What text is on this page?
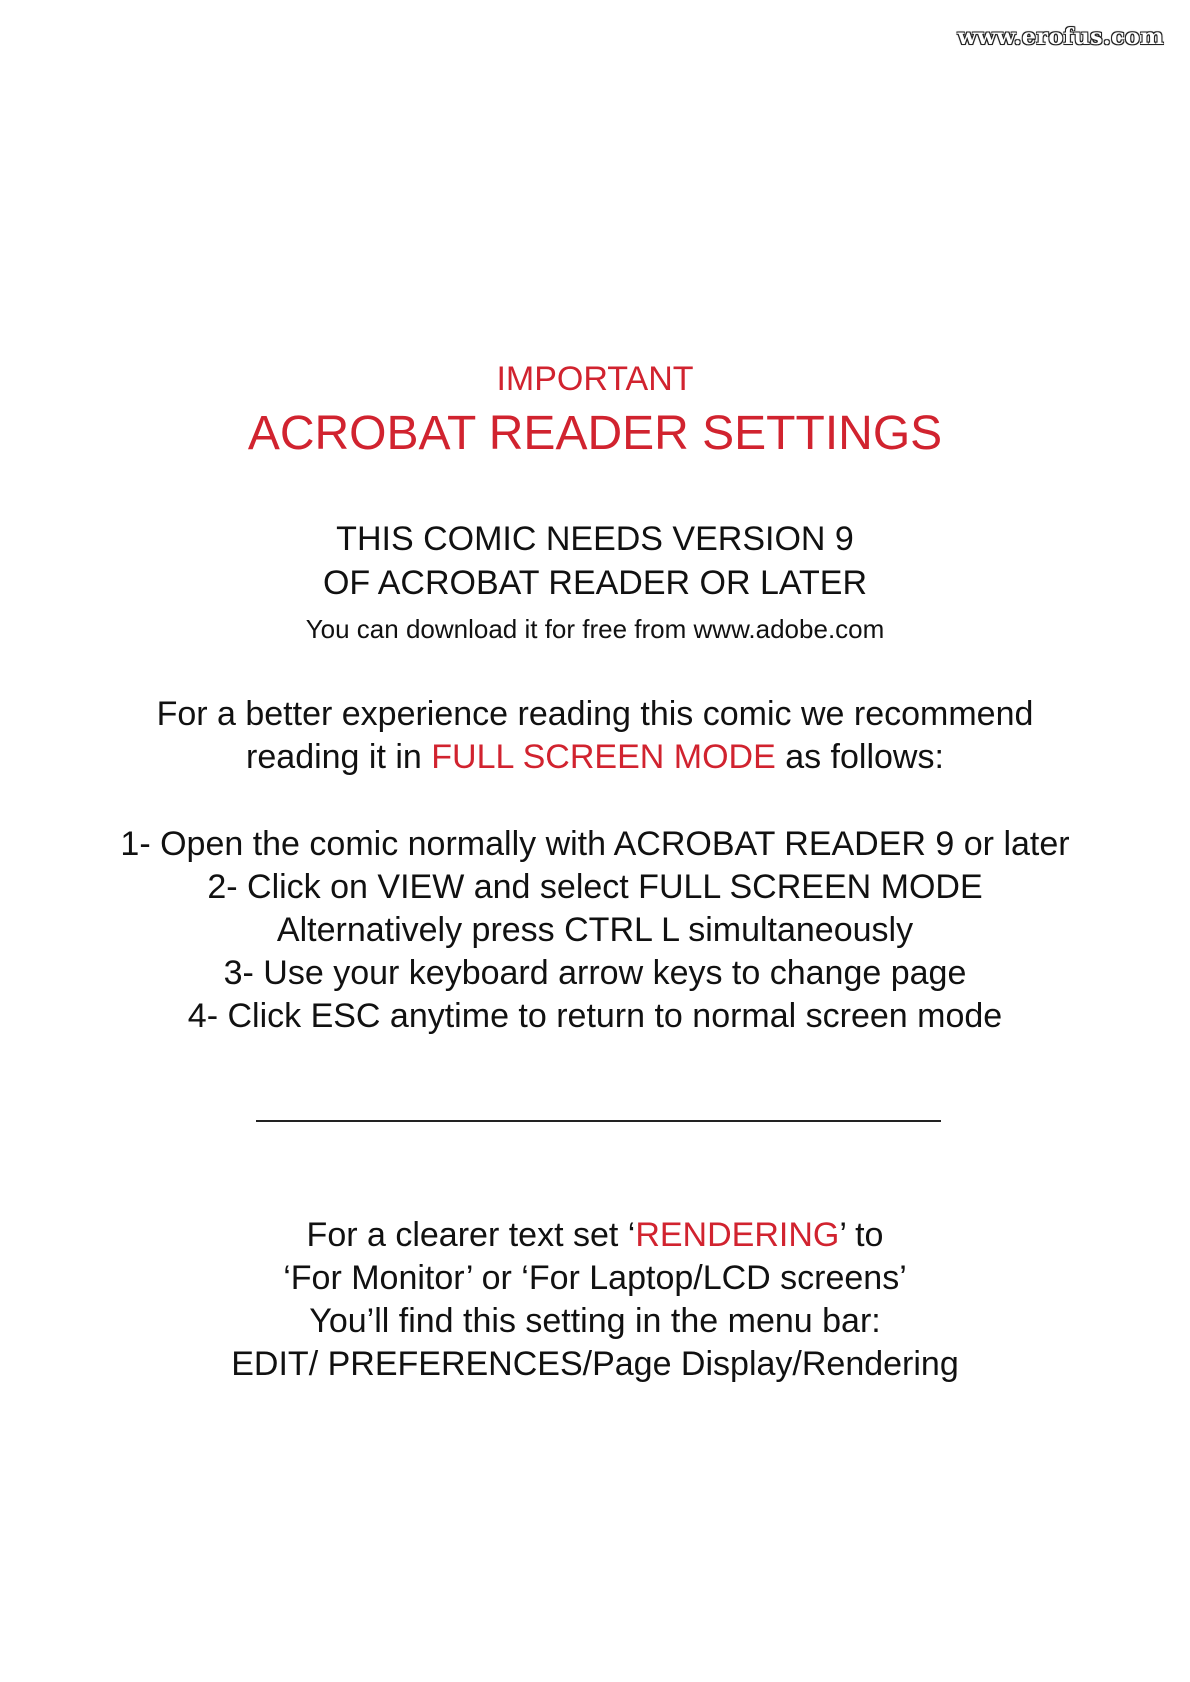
www.erofus.com
IMPORTANT
ACROBAT READER SETTINGS
THIS COMIC NEEDS VERSION 9
OF ACROBAT READER OR LATER
You can download it for free from www.adobe.com
For a better experience reading this comic we recommend
reading it in FULL SCREEN MODE as follows:
1- Open the comic normally with ACROBAT READER 9 or later
2- Click on VIEW and select FULL SCREEN MODE
Alternatively press CTRL L simultaneously
3- Use your keyboard arrow keys to change page
4- Click ESC anytime to return to normal screen mode
For a clearer text set ‘RENDERING’ to
‘For Monitor’ or ‘For Laptop/LCD screens’
You’ll find this setting in the menu bar:
EDIT/ PREFERENCES/Page Display/Rendering
